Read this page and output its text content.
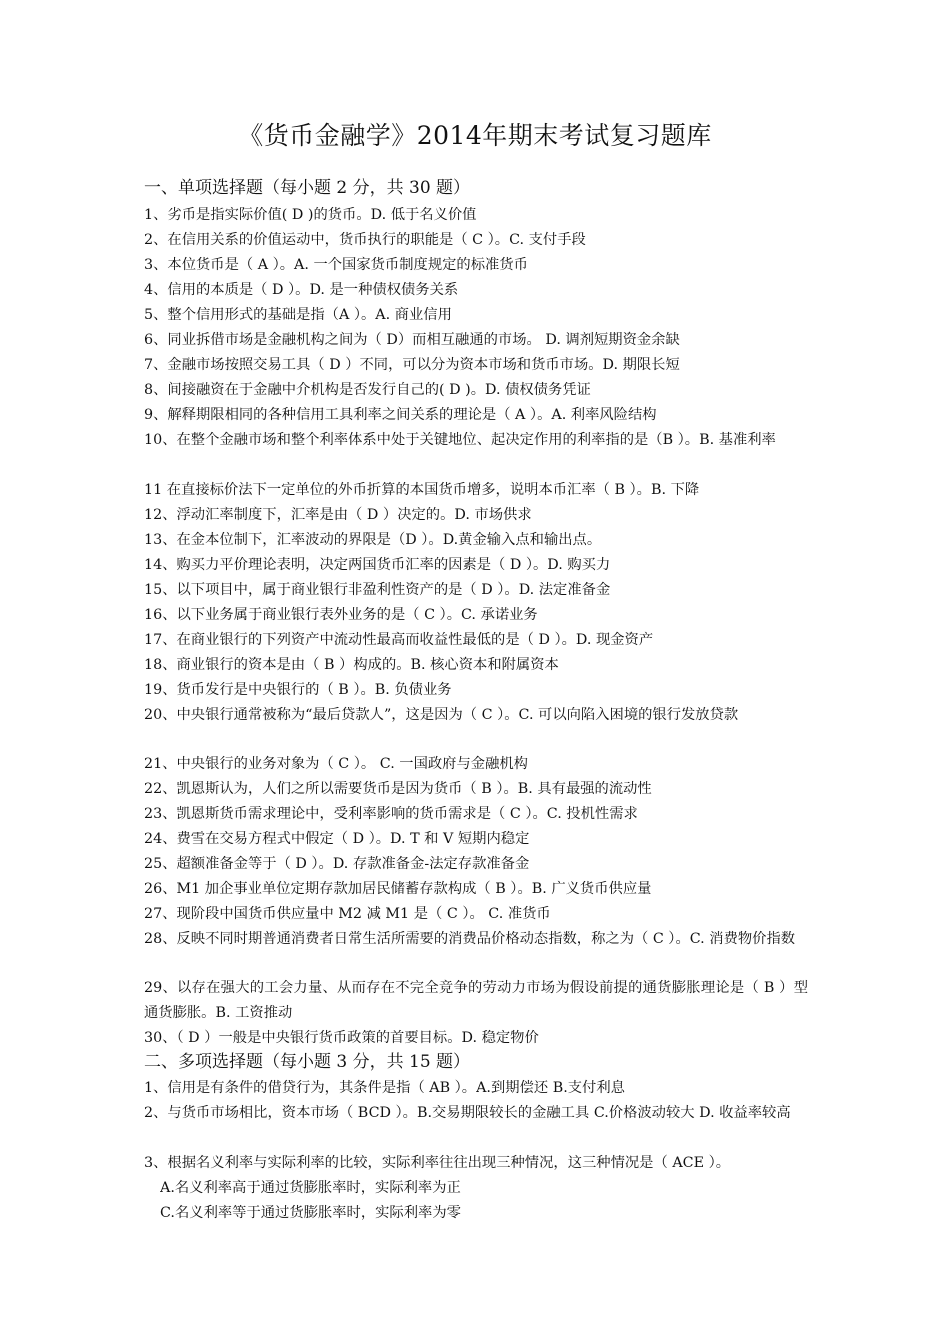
《货币金融学》2014年期末考试复习题库
一、单项选择题（每小题 2 分，共 30 题）
1、劣币是指实际价值( D )的货币。D. 低于名义价值
2、在信用关系的价值运动中，货币执行的职能是（ C ）。C. 支付手段
3、本位货币是（ A ）。A. 一个国家货币制度规定的标准货币
4、信用的本质是（ D ）。D. 是一种债权债务关系
5、整个信用形式的基础是指（A ）。A. 商业信用
6、同业拆借市场是金融机构之间为（ D）而相互融通的市场。 D. 调剂短期资金余缺
7、金融市场按照交易工具（ D ）不同，可以分为资本市场和货币市场。D. 期限长短
8、间接融资在于金融中介机构是否发行自己的( D )。D. 债权债务凭证
9、解释期限相同的各种信用工具利率之间关系的理论是（ A ）。A. 利率风险结构
10、在整个金融市场和整个利率体系中处于关键地位、起决定作用的利率指的是（B ）。B. 基准利率
11 在直接标价法下一定单位的外币折算的本国货币增多，说明本币汇率（ B ）。B. 下降
12、浮动汇率制度下，汇率是由（ D ）决定的。D. 市场供求
13、在金本位制下，汇率波动的界限是（D ）。D.黄金输入点和输出点。
14、购买力平价理论表明，决定两国货币汇率的因素是（ D ）。D. 购买力
15、以下项目中，属于商业银行非盈利性资产的是（ D ）。D. 法定准备金
16、以下业务属于商业银行表外业务的是（ C ）。C. 承诺业务
17、在商业银行的下列资产中流动性最高而收益性最低的是（ D ）。D. 现金资产
18、商业银行的资本是由（ B ）构成的。B. 核心资本和附属资本
19、货币发行是中央银行的（ B ）。B. 负债业务
20、中央银行通常被称为“最后贷款人”，这是因为（ C ）。C. 可以向陷入困境的银行发放贷款
21、中央银行的业务对象为（ C ）。 C. 一国政府与金融机构
22、凯恩斯认为，人们之所以需要货币是因为货币（ B ）。B. 具有最强的流动性
23、凯恩斯货币需求理论中，受利率影响的货币需求是（ C ）。C. 投机性需求
24、费雪在交易方程式中假定（ D ）。D. T 和 V 短期内稳定
25、超额准备金等于（ D ）。D. 存款准备金-法定存款准备金
26、M1 加企事业单位定期存款加居民储蓄存款构成（ B ）。B. 广义货币供应量
27、现阶段中国货币供应量中 M2 减 M1 是（ C ）。 C. 准货币
28、反映不同时期普通消费者日常生活所需要的消费品价格动态指数，称之为（ C ）。C. 消费物价指数
29、以存在强大的工会力量、从而存在不完全竞争的劳动力市场为假设前提的通货膨胀理论是（ B ）型通货膨胀。B. 工资推动
30、（ D ）一般是中央银行货币政策的首要目标。D. 稳定物价
二、多项选择题（每小题 3 分，共 15 题）
1、信用是有条件的借贷行为，其条件是指（ AB ）。A.到期偿还 B.支付利息
2、与货币市场相比，资本市场（ BCD ）。B.交易期限较长的金融工具 C.价格波动较大 D. 收益率较高
3、根据名义利率与实际利率的比较，实际利率往往出现三种情况，这三种情况是（ ACE ）。
A.名义利率高于通过货膨胀率时，实际利率为正
C.名义利率等于通过货膨胀率时，实际利率为零
